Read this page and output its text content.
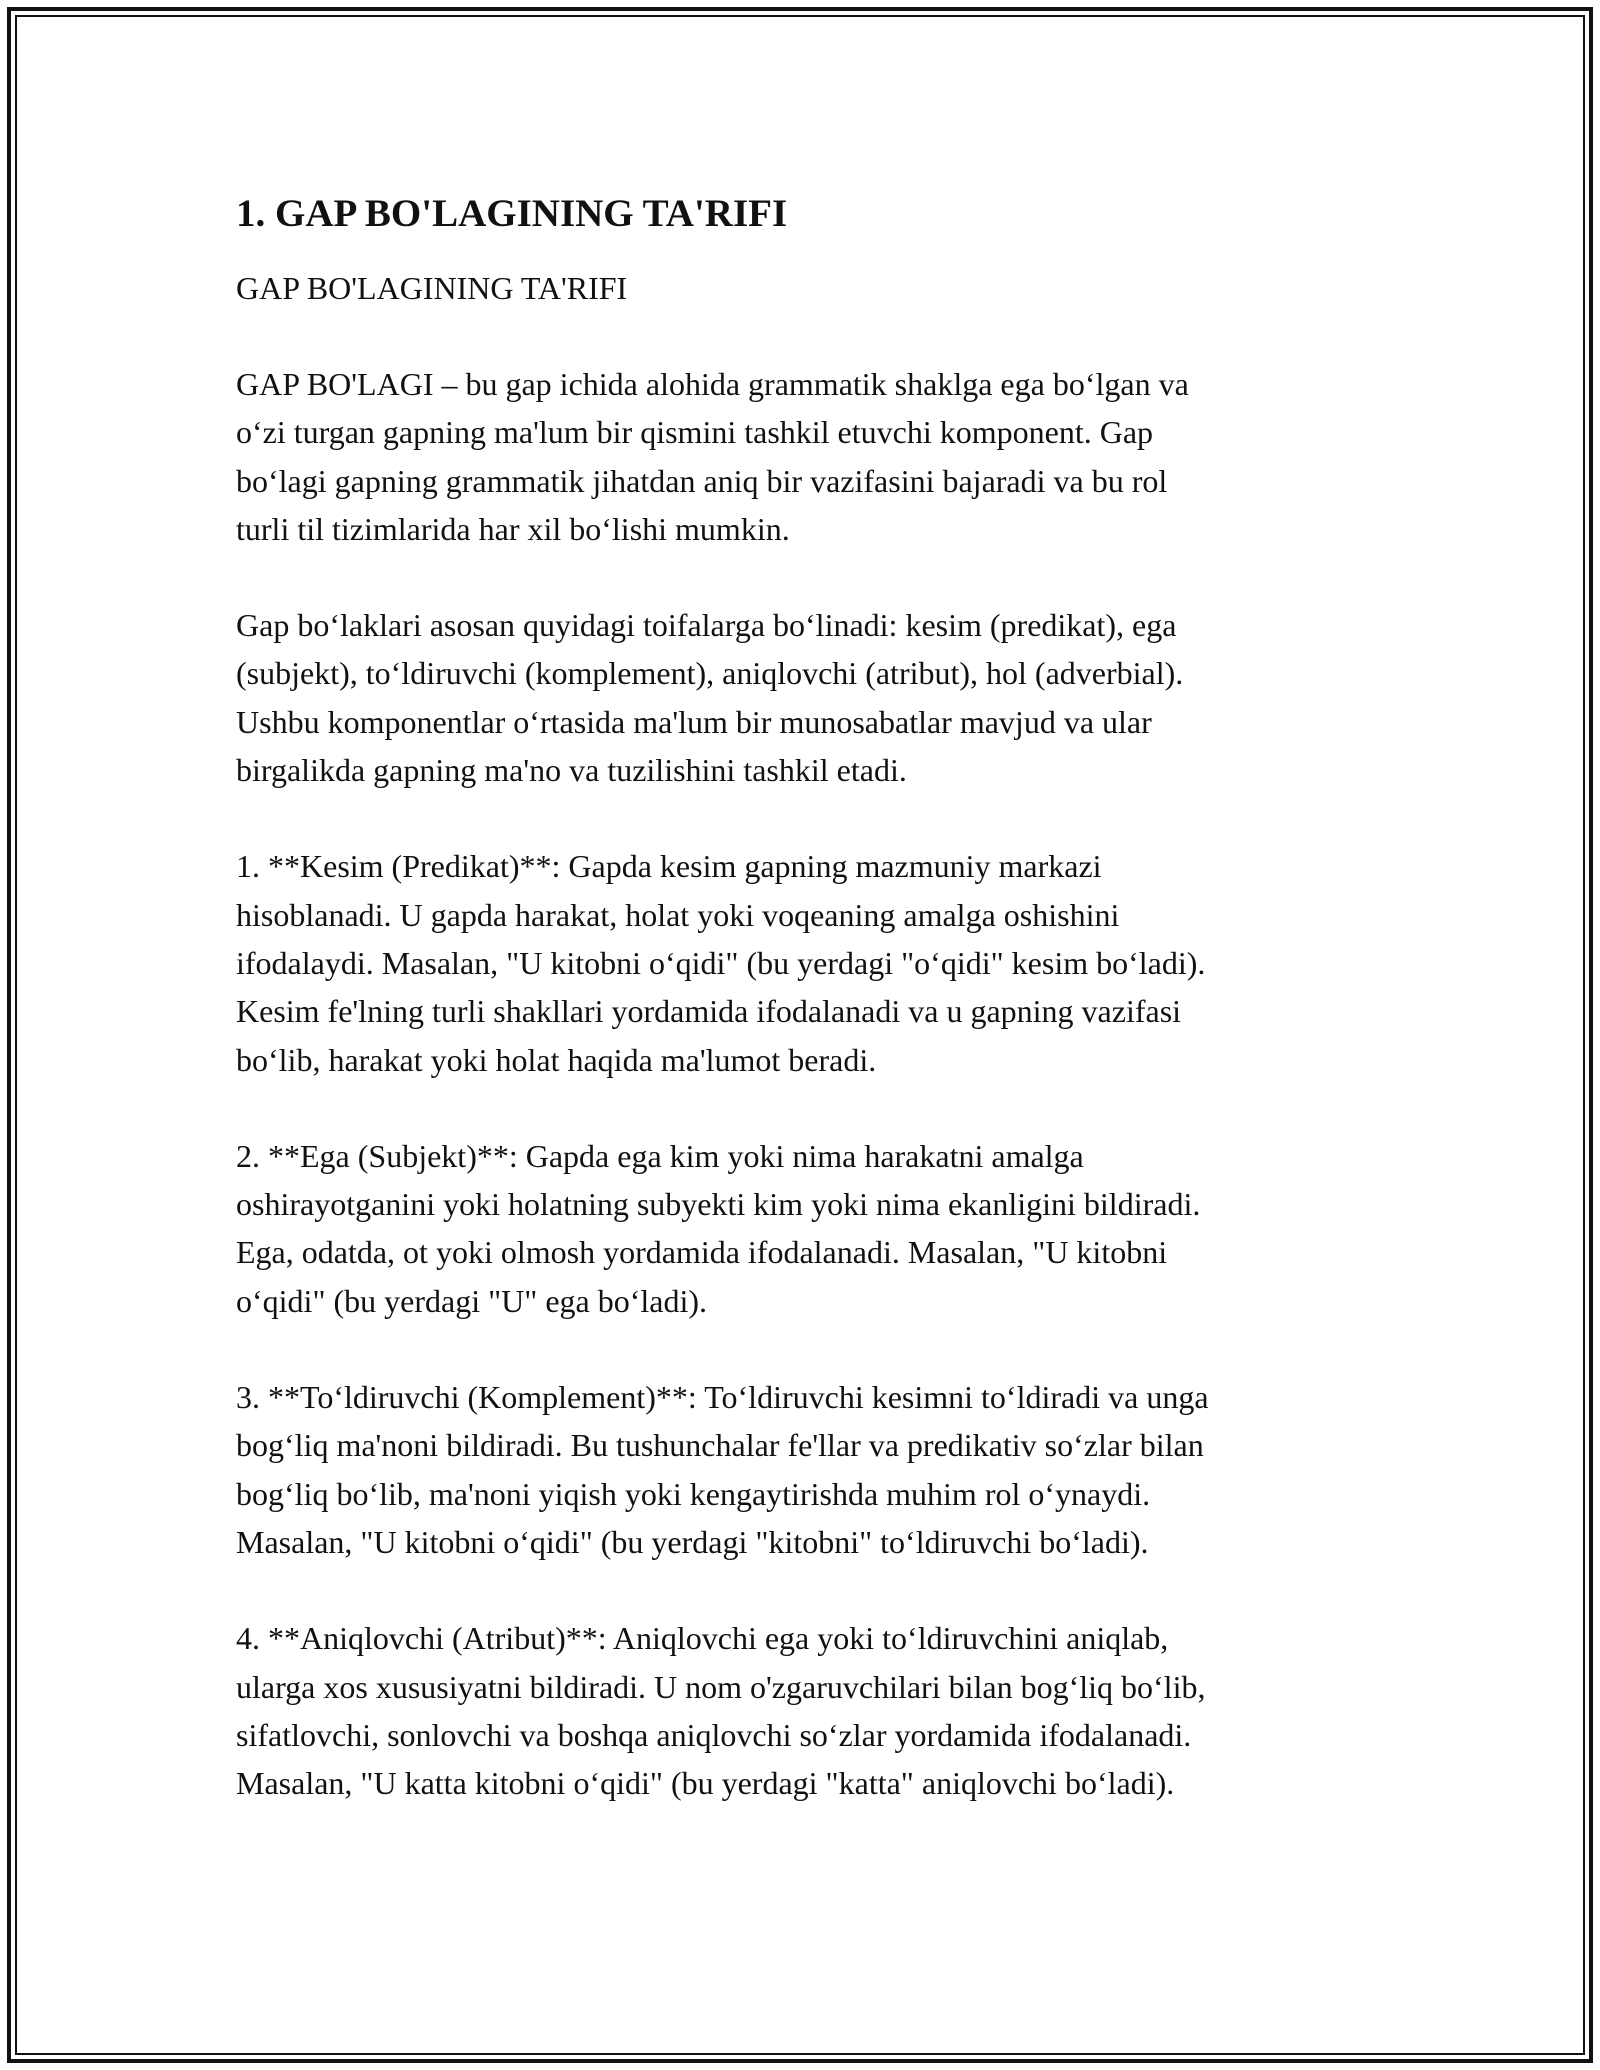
1. GAP BO'LAGINING TA'RIFI
GAP BO'LAGINING TA'RIFI
GAP BO'LAGI – bu gap ichida alohida grammatik shaklga ega bo‘lgan va
o‘zi turgan gapning ma'lum bir qismini tashkil etuvchi komponent. Gap
bo‘lagi gapning grammatik jihatdan aniq bir vazifasini bajaradi va bu rol
turli til tizimlarida har xil bo‘lishi mumkin.
Gap bo‘laklari asosan quyidagi toifalarga bo‘linadi: kesim (predikat), ega
(subjekt), to‘ldiruvchi (komplement), aniqlovchi (atribut), hol (adverbial).
Ushbu komponentlar o‘rtasida ma'lum bir munosabatlar mavjud va ular
birgalikda gapning ma'no va tuzilishini tashkil etadi.
1. **Kesim (Predikat)**: Gapda kesim gapning mazmuniy markazi
hisoblanadi. U gapda harakat, holat yoki voqeaning amalga oshishini
ifodalaydi. Masalan, "U kitobni o‘qidi" (bu yerdagi "o‘qidi" kesim bo‘ladi).
Kesim fe'lning turli shakllari yordamida ifodalanadi va u gapning vazifasi
bo‘lib, harakat yoki holat haqida ma'lumot beradi.
2. **Ega (Subjekt)**: Gapda ega kim yoki nima harakatni amalga
oshirayotganini yoki holatning subyekti kim yoki nima ekanligini bildiradi.
Ega, odatda, ot yoki olmosh yordamida ifodalanadi. Masalan, "U kitobni
o‘qidi" (bu yerdagi "U" ega bo‘ladi).
3. **To‘ldiruvchi (Komplement)**: To‘ldiruvchi kesimni to‘ldiradi va unga
bog‘liq ma'noni bildiradi. Bu tushunchalar fe'llar va predikativ so‘zlar bilan
bog‘liq bo‘lib, ma'noni yiqish yoki kengaytirishda muhim rol o‘ynaydi.
Masalan, "U kitobni o‘qidi" (bu yerdagi "kitobni" to‘ldiruvchi bo‘ladi).
4. **Aniqlovchi (Atribut)**: Aniqlovchi ega yoki to‘ldiruvchini aniqlab,
ularga xos xususiyatni bildiradi. U nom o'zgaruvchilari bilan bog‘liq bo‘lib,
sifatlovchi, sonlovchi va boshqa aniqlovchi so‘zlar yordamida ifodalanadi.
Masalan, "U katta kitobni o‘qidi" (bu yerdagi "katta" aniqlovchi bo‘ladi).
